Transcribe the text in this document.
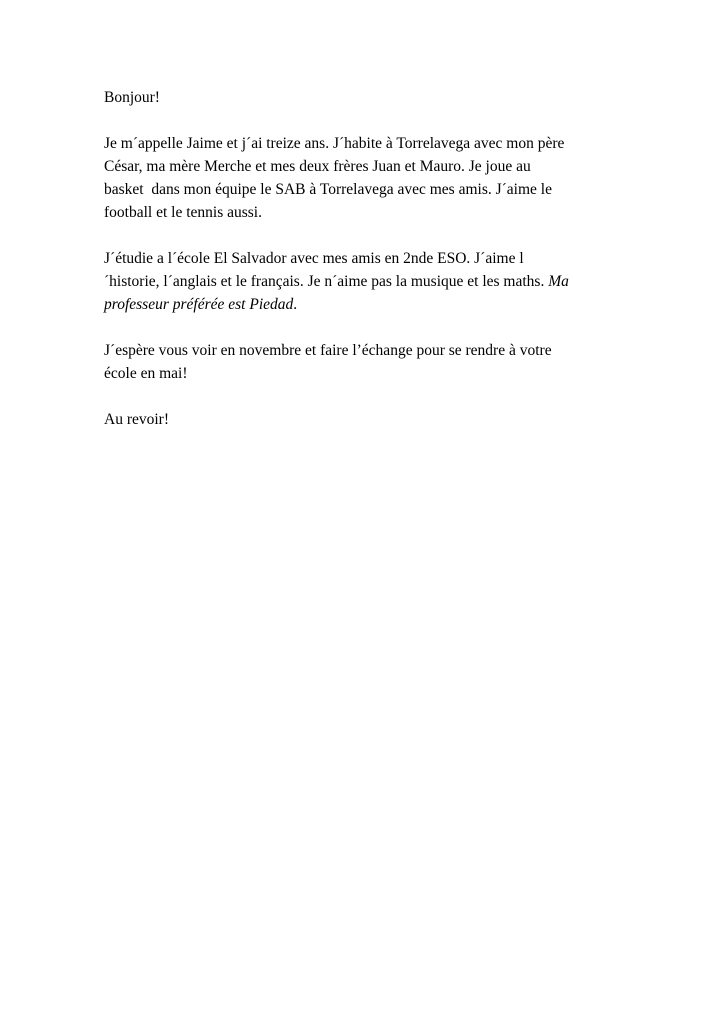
Bonjour!

Je m´appelle Jaime et j´ai treize ans. J´habite à Torrelavega avec mon père
César, ma mère Merche et mes deux frères Juan et Mauro. Je joue au
basket  dans mon équipe le SAB à Torrelavega avec mes amis. J´aime le
football et le tennis aussi.

J´étudie a l´école El Salvador avec mes amis en 2nde ESO. J´aime l
´historie, l´anglais et le français. Je n´aime pas la musique et les maths. Ma
professeur préférée est Piedad.

J´espère vous voir en novembre et faire l’échange pour se rendre à votre
école en mai!

Au revoir!
